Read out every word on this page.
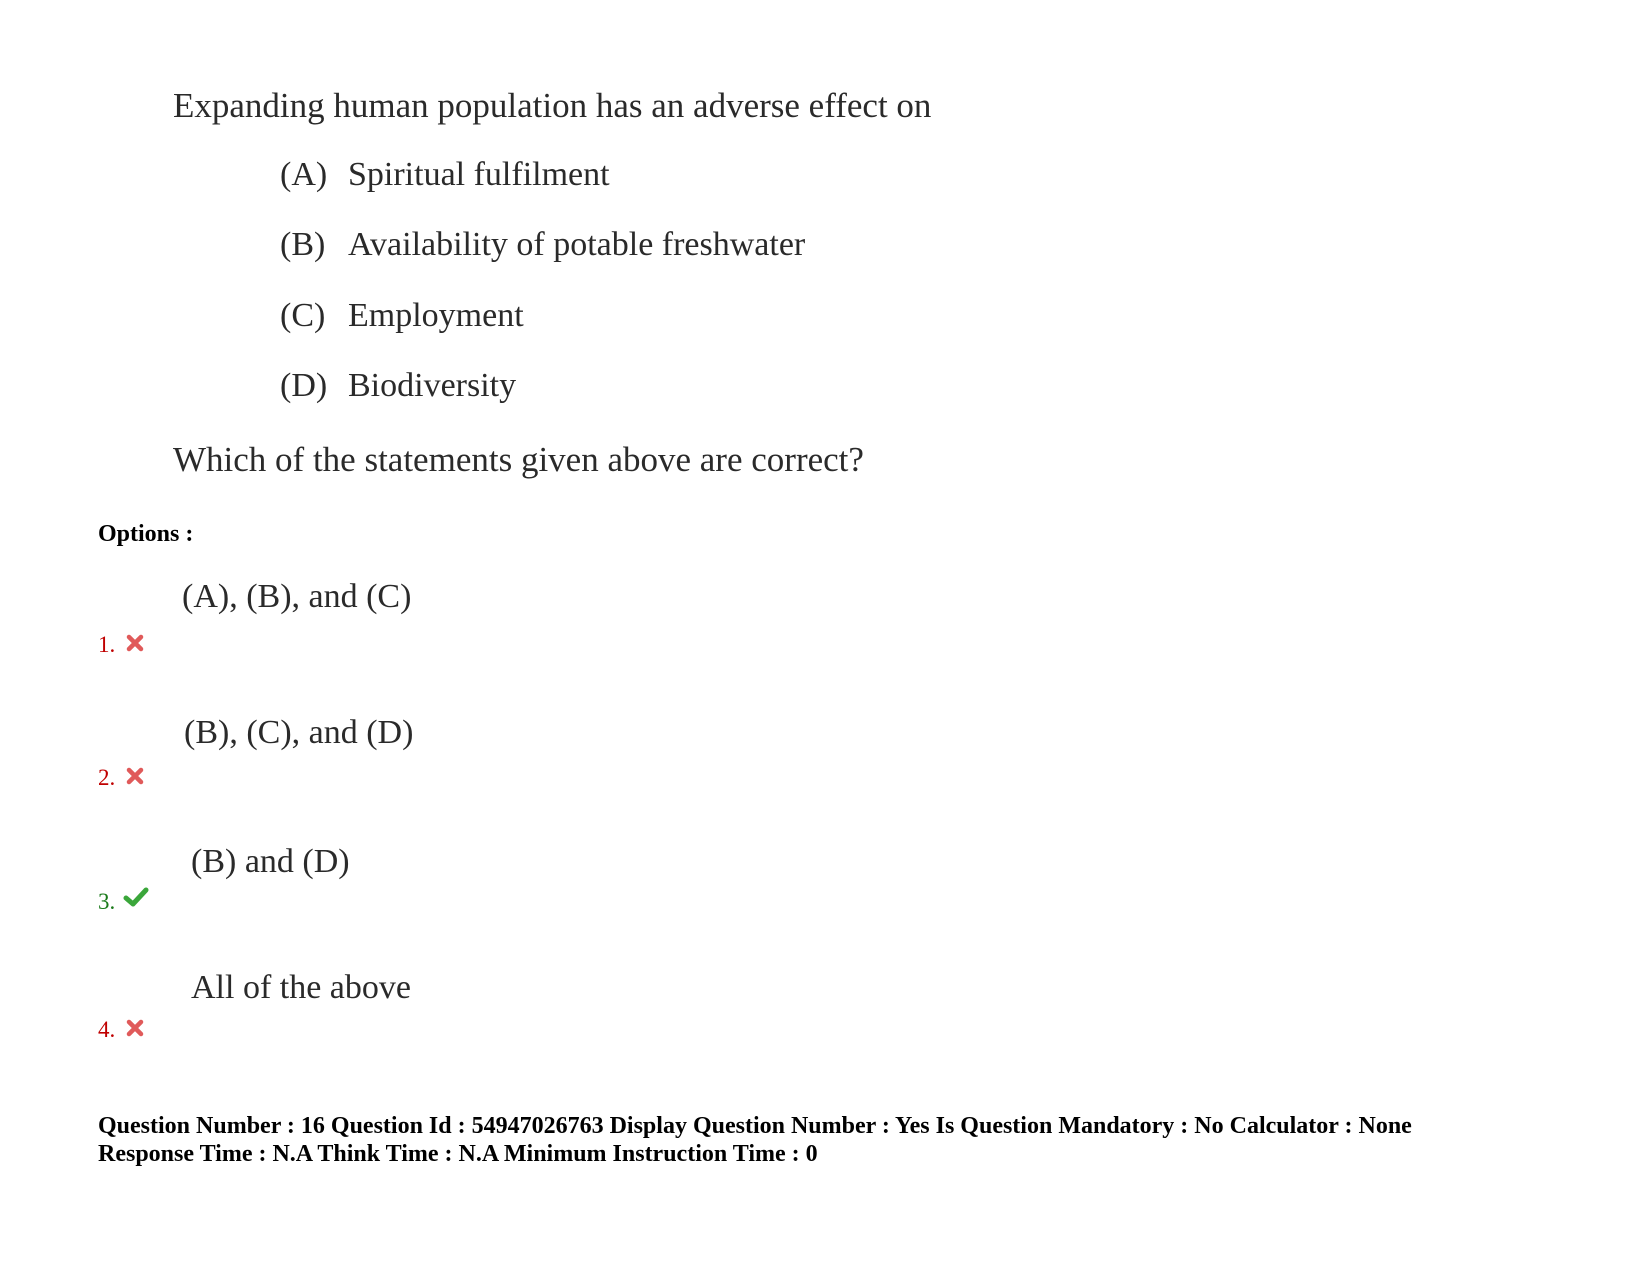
Expanding human population has an adverse effect on
(A) Spiritual fulfilment
(B) Availability of potable freshwater
(C) Employment
(D) Biodiversity
Which of the statements given above are correct?
Options :
(A), (B), and (C)
1.
(B), (C), and (D)
2.
(B) and (D)
3.
All of the above
4.
Question Number : 16 Question Id : 54947026763 Display Question Number : Yes Is Question Mandatory : No Calculator : None
Response Time : N.A Think Time : N.A Minimum Instruction Time : 0
